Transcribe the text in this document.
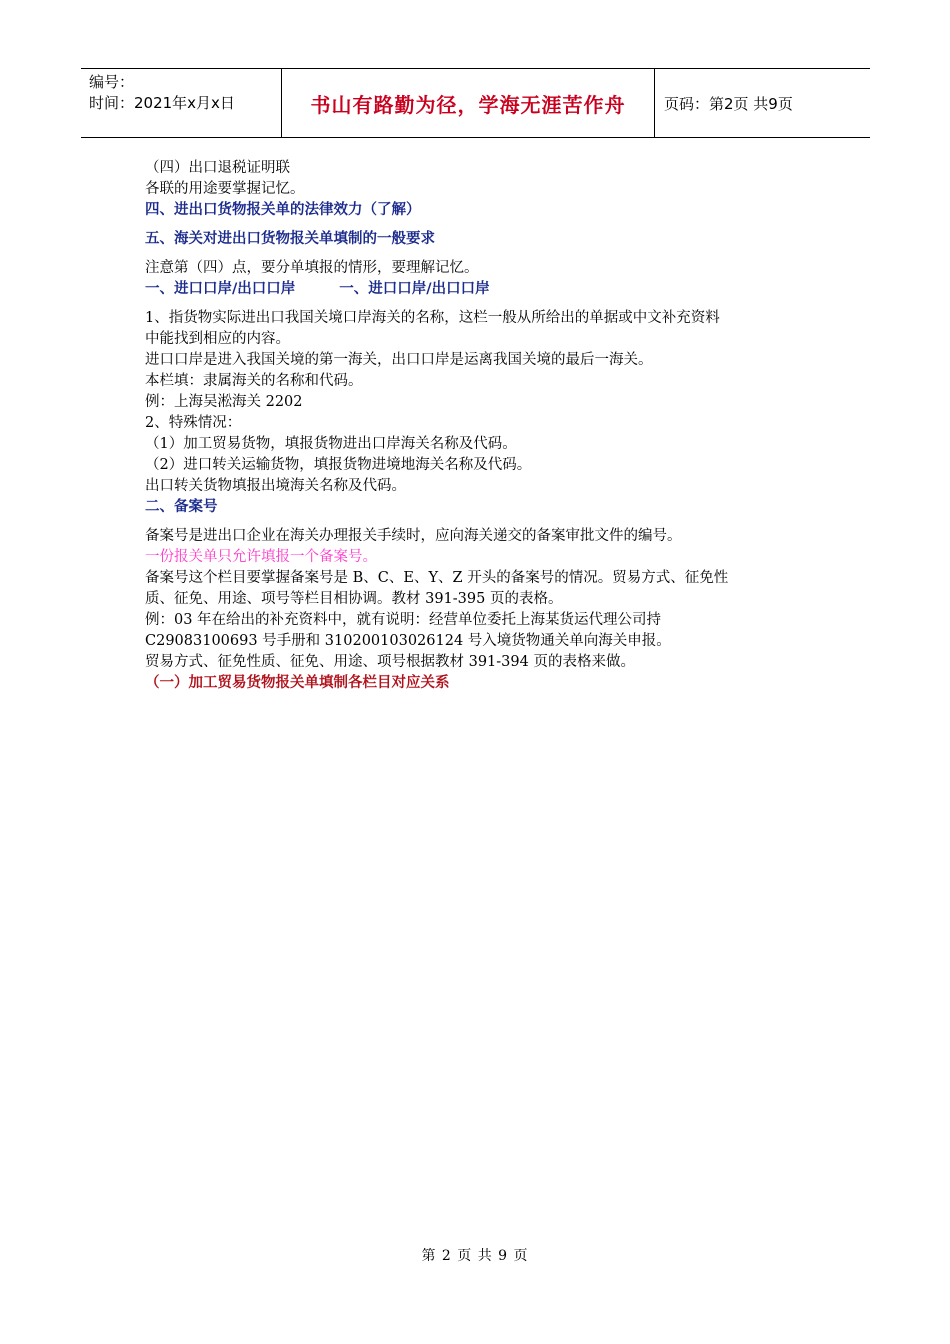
编号：
时间：2021年x月x日	书山有路勤为径，学海无涯苦作舟	页码：第2页 共9页
（四）出口退税证明联
各联的用途要掌握记忆。
四、进出口货物报关单的法律效力（了解）
五、海关对进出口货物报关单填制的一般要求
注意第（四）点，要分单填报的情形，要理解记忆。
一、进口口岸/出口口岸	一、进口口岸/出口口岸
1、指货物实际进出口我国关境口岸海关的名称，这栏一般从所给出的单据或中文补充资料
中能找到相应的内容。
进口口岸是进入我国关境的第一海关，出口口岸是运离我国关境的最后一海关。
本栏填：隶属海关的名称和代码。
例：上海吴淞海关 2202
2、特殊情况：
（1）加工贸易货物，填报货物进出口岸海关名称及代码。
（2）进口转关运输货物，填报货物进境地海关名称及代码。
出口转关货物填报出境海关名称及代码。
二、备案号
备案号是进出口企业在海关办理报关手续时，应向海关递交的备案审批文件的编号。
一份报关单只允许填报一个备案号。
备案号这个栏目要掌握备案号是 B、C、E、Y、Z 开头的备案号的情况。贸易方式、征免性
质、征免、用途、项号等栏目相协调。教材 391-395 页的表格。
例：03 年在给出的补充资料中，就有说明：经营单位委托上海某货运代理公司持
C29083100693 号手册和 310200103026124 号入境货物通关单向海关申报。
贸易方式、征免性质、征免、用途、项号根据教材 391-394 页的表格来做。
（一）加工贸易货物报关单填制各栏目对应关系
第 2 页 共 9 页
